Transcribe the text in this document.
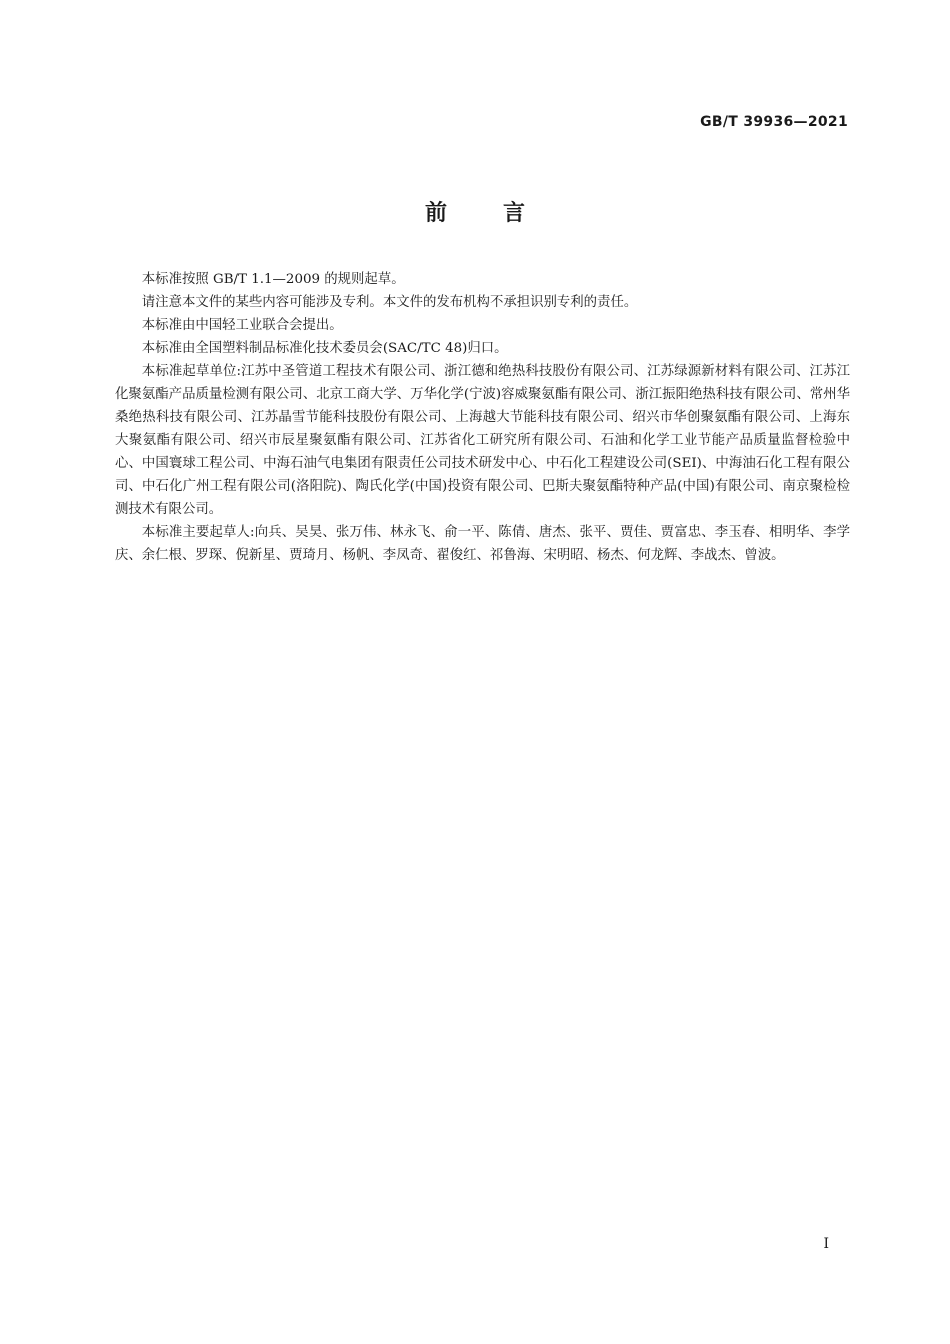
GB/T 39936—2021
前言

本标准按照 GB/T 1.1—2009 的规则起草。

请注意本文件的某些内容可能涉及专利。本文件的发布机构不承担识别专利的责任。

本标准由中国轻工业联合会提出。

本标准由全国塑料制品标准化技术委员会(SAC/TC 48)归口。

本标准起草单位:江苏中圣管道工程技术有限公司、浙江德和绝热科技股份有限公司、江苏绿源新材料有限公司、江苏江化聚氨酯产品质量检测有限公司、北京工商大学、万华化学(宁波)容威聚氨酯有限公司、浙江振阳绝热科技有限公司、常州华桑绝热科技有限公司、江苏晶雪节能科技股份有限公司、上海越大节能科技有限公司、绍兴市华创聚氨酯有限公司、上海东大聚氨酯有限公司、绍兴市辰星聚氨酯有限公司、江苏省化工研究所有限公司、石油和化学工业节能产品质量监督检验中心、中国寰球工程公司、中海石油气电集团有限责任公司技术研发中心、中石化工程建设公司(SEI)、中海油石化工程有限公司、中石化广州工程有限公司(洛阳院)、陶氏化学(中国)投资有限公司、巴斯夫聚氨酯特种产品(中国)有限公司、南京聚检检测技术有限公司。

本标准主要起草人:向兵、吴昊、张万伟、林永飞、俞一平、陈倩、唐杰、张平、贾佳、贾富忠、李玉春、相明华、李学庆、余仁根、罗琛、倪新星、贾琦月、杨帆、李凤奇、翟俊红、祁鲁海、宋明昭、杨杰、何龙辉、李战杰、曾波。

I
